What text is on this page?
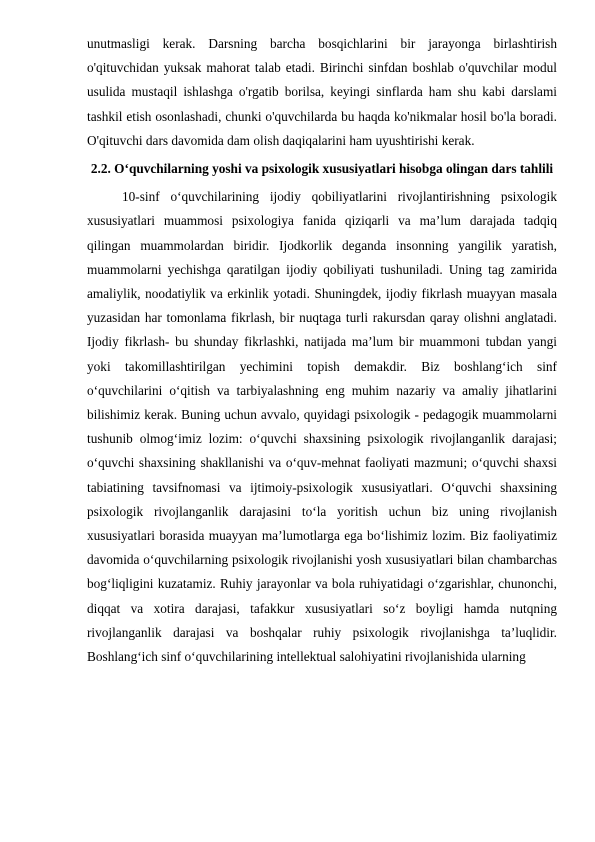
unutmasligi kerak. Darsning barcha bosqichlarini bir jarayonga birlashtirish o'qituvchidan yuksak mahorat talab etadi. Birinchi sinfdan boshlab o'quvchilar modul usulida mustaqil ishlashga o'rgatib borilsa, keyingi sinflarda ham shu kabi darslami tashkil etish osonlashadi, chunki o'quvchilarda bu haqda ko'nikmalar hosil bo'la boradi. O'qituvchi dars davomida dam olish daqiqalarini ham uyushtirishi kerak.

2.2. O‘quvchilarning yoshi va psixologik xususiyatlari hisobga olingan dars tahlili

10-sinf o‘quvchilarining ijodiy qobiliyatlarini rivojlantirishning psixologik xususiyatlari muammosi psixologiya fanida qiziqarli va ma’lum darajada tadqiq qilingan muammolardan biridir. Ijodkorlik deganda insonning yangilik yaratish, muammolarni yechishga qaratilgan ijodiy qobiliyati tushuniladi. Uning tag zamirida amaliylik, noodatiylik va erkinlik yotadi. Shuningdek, ijodiy fikrlash muayyan masala yuzasidan har tomonlama fikrlash, bir nuqtaga turli rakursdan qaray olishni anglatadi. Ijodiy fikrlash- bu shunday fikrlashki, natijada ma’lum bir muammoni tubdan yangi yoki takomillashtirilgan yechimini topish demakdir. Biz boshlang‘ich sinf o‘quvchilarini o‘qitish va tarbiyalashning eng muhim nazariy va amaliy jihatlarini bilishimiz kerak. Buning uchun avvalo, quyidagi psixologik - pedagogik muammolarni tushunib olmog‘imiz lozim: o‘quvchi shaxsining psixologik rivojlanganlik darajasi; o‘quvchi shaxsining shakllanishi va o‘quv-mehnat faoliyati mazmuni; o‘quvchi shaxsi tabiatining tavsifnomasi va ijtimoiy-psixologik xususiyatlari. O‘quvchi shaxsining psixologik rivojlanganlik darajasini to‘la yoritish uchun biz uning rivojlanish xususiyatlari borasida muayyan ma’lumotlarga ega bo‘lishimiz lozim. Biz faoliyatimiz davomida o‘quvchilarning psixologik rivojlanishi yosh xususiyatlari bilan chambarchas bog‘liqligini kuzatamiz. Ruhiy jarayonlar va bola ruhiyatidagi o‘zgarishlar, chunonchi, diqqat va xotira darajasi, tafakkur xususiyatlari so‘z boyligi hamda nutqning rivojlanganlik darajasi va boshqalar ruhiy psixologik rivojlanishga ta’luqlidir. Boshlang‘ich sinf o‘quvchilarining intellektual salohiyatini rivojlanishida ularning
